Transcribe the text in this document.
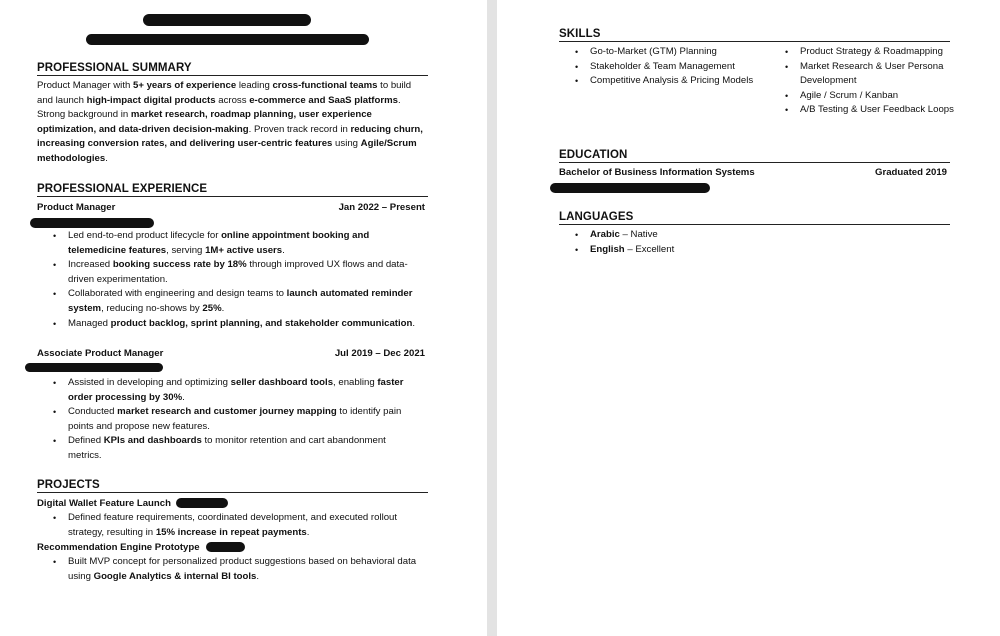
PROFESSIONAL SUMMARY
Product Manager with 5+ years of experience leading cross-functional teams to build and launch high-impact digital products across e-commerce and SaaS platforms. Strong background in market research, roadmap planning, user experience optimization, and data-driven decision-making. Proven track record in reducing churn, increasing conversion rates, and delivering user-centric features using Agile/Scrum methodologies.
PROFESSIONAL EXPERIENCE
Product Manager	Jan 2022 – Present
• Led end-to-end product lifecycle for online appointment booking and telemedicine features, serving 1M+ active users.
• Increased booking success rate by 18% through improved UX flows and data-driven experimentation.
• Collaborated with engineering and design teams to launch automated reminder system, reducing no-shows by 25%.
• Managed product backlog, sprint planning, and stakeholder communication.
Associate Product Manager	Jul 2019 – Dec 2021
• Assisted in developing and optimizing seller dashboard tools, enabling faster order processing by 30%.
• Conducted market research and customer journey mapping to identify pain points and propose new features.
• Defined KPIs and dashboards to monitor retention and cart abandonment metrics.
PROJECTS
Digital Wallet Feature Launch
• Defined feature requirements, coordinated development, and executed rollout strategy, resulting in 15% increase in repeat payments.
Recommendation Engine Prototype
• Built MVP concept for personalized product suggestions based on behavioral data using Google Analytics & internal BI tools.
SKILLS
• Go-to-Market (GTM) Planning
• Stakeholder & Team Management
• Competitive Analysis & Pricing Models
• Product Strategy & Roadmapping
• Market Research & User Persona Development
• Agile / Scrum / Kanban
• A/B Testing & User Feedback Loops
EDUCATION
Bachelor of Business Information Systems	Graduated 2019
LANGUAGES
• Arabic – Native
• English – Excellent
